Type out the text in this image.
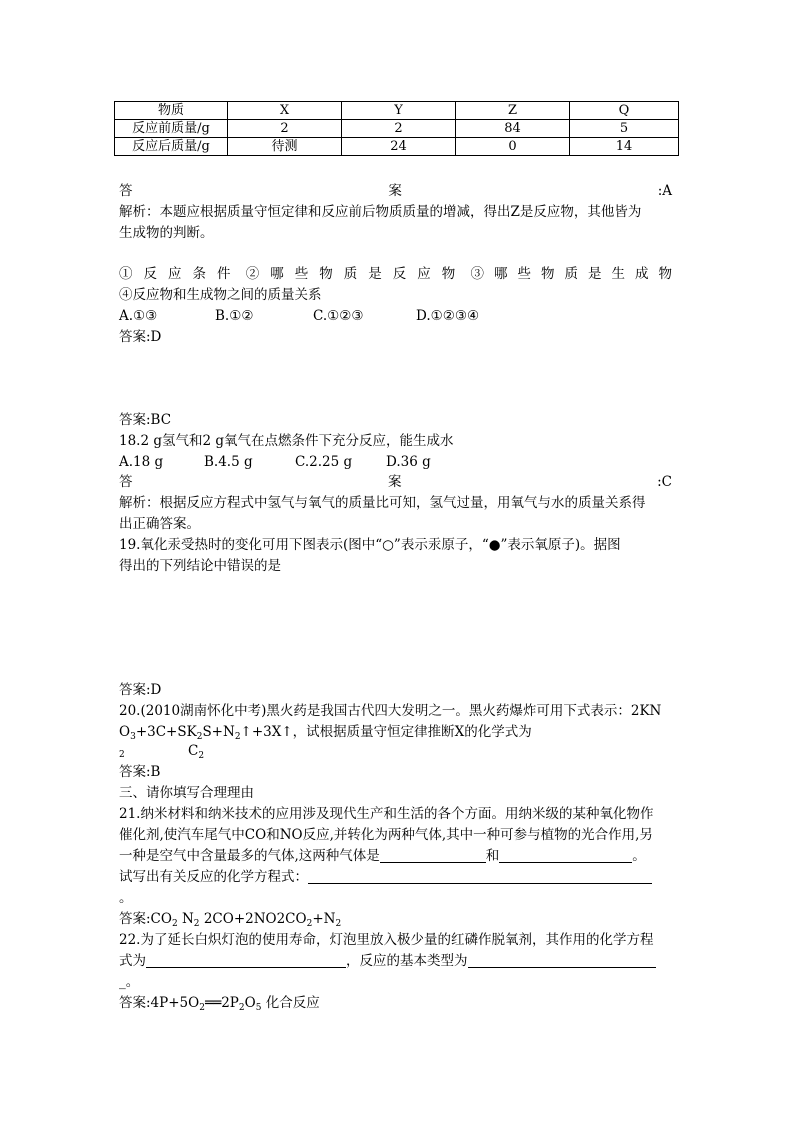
物质	X	Y	Z	Q
反应前质量/g	2	2	84	5
反应后质量/g	待测	24	0	14
答	案	:A
解析：本题应根据质量守恒定律和反应前后物质质量的增减，得出Z是反应物，其他皆为
生成物的判断。
①反应条件 ②哪些物质是反应物 ③哪些物质是生成物
④反应物和生成物之间的质量关系
A.①③	B.①②	C.①②③	D.①②③④
答案:D
答案:BC
18.2 g氢气和2 g氧气在点燃条件下充分反应，能生成水
A.18 g	B.4.5 g	C.2.25 g	D.36 g
答	案	:C
解析：根据反应方程式中氢气与氧气的质量比可知，氢气过量，用氧气与水的质量关系得
出正确答案。
19.氧化汞受热时的变化可用下图表示(图中“○”表示汞原子，“●”表示氧原子)。据图
得出的下列结论中错误的是
答案:D
20.(2010湖南怀化中考)黑火药是我国古代四大发明之一。黑火药爆炸可用下式表示：2KN
$O_3+3C+SK_2S+N_2↑+3X↑$，试根据质量守恒定律推断X的化学式为
2	$C_2$
答案:B
三、请你填写合理理由
21.纳米材料和纳米技术的应用涉及现代生产和生活的各个方面。用纳米级的某种氧化物作
催化剂,使汽车尾气中CO和NO反应,并转化为两种气体,其中一种可参与植物的光合作用,另
一种是空气中含量最多的气体,这两种气体是	和	。
试写出有关反应的化学方程式：
。
答案$:CO_2$ $N_2$ $2CO+2NO2CO_2+N_2$
22.为了延长白炽灯泡的使用寿命，灯泡里放入极少量的红磷作脱氧剂，其作用的化学方程
式为	，反应的基本类型为
_。
答案$:4P+5O_2══2P_2O_5$ 化合反应
